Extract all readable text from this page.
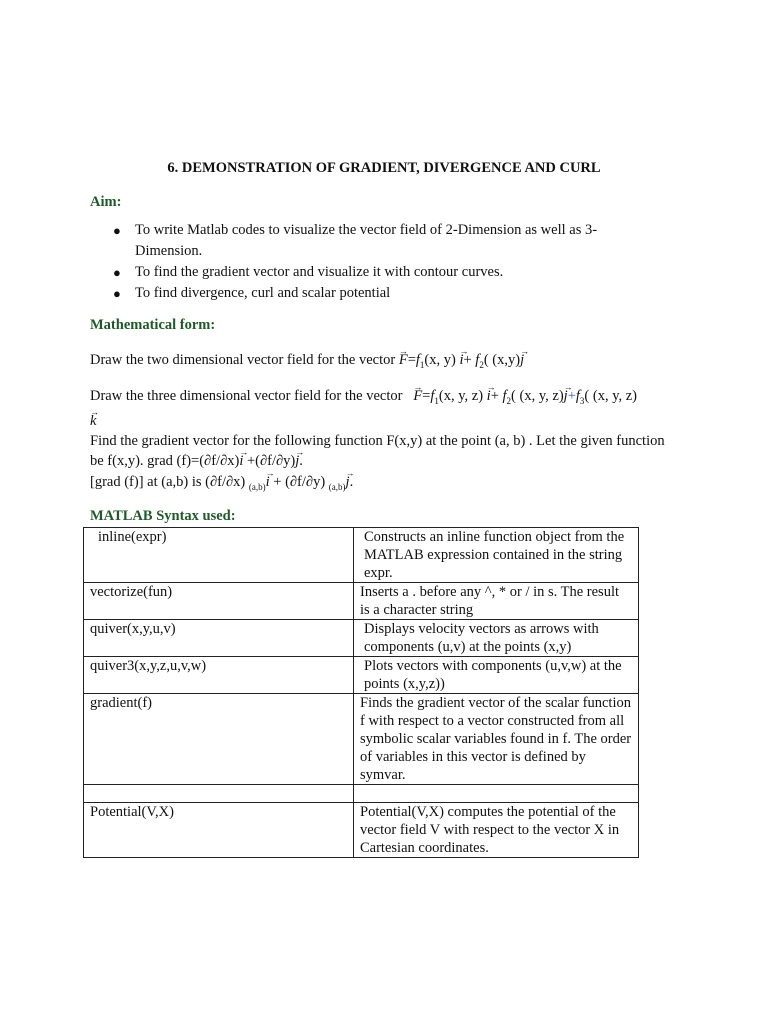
6. DEMONSTRATION OF GRADIENT, DIVERGENCE AND CURL
Aim:
● To write Matlab codes to visualize the vector field of 2-Dimension as well as 3-Dimension.
● To find the gradient vector and visualize it with contour curves.
● To find divergence, curl and scalar potential
Mathematical form:
Draw the two dimensional vector field for the vector → $F=f_1(x$, $y) \to i+ f_2$( (x,y)→ j
Draw the three dimensional vector field for the vector   → $F=f_1(x$, y, $z) \to i+ f_2$( (x, y, $z)\to j+f_3$( (x, y, z)
→ k
Find the gradient vector for the following function F(x,y) at the point (a, b) . Let the given function be f(x,y). grad (f)=(∂f/∂x)→ i +(∂f/∂y)→ j.
[grad (f)] at (a,b) is (∂f/∂x) $_{(a,b)}$→ i + (∂f/∂y) $_{(a,b)}$→ j.
MATLAB Syntax used:
inline(expr)	Constructs an inline function object from the MATLAB expression contained in the string expr.
vectorize(fun)	Inserts a . before any ^, * or / in s. The result is a character string
quiver(x,y,u,v)	Displays velocity vectors as arrows with components (u,v) at the points (x,y)
quiver3(x,y,z,u,v,w)	Plots vectors with components (u,v,w) at the points (x,y,z))
gradient(f)	Finds the gradient vector of the scalar function f with respect to a vector constructed from all symbolic scalar variables found in f. The order of variables in this vector is defined by symvar.

Potential(V,X)	Potential(V,X) computes the potential of the vector field V with respect to the vector X in Cartesian coordinates.
